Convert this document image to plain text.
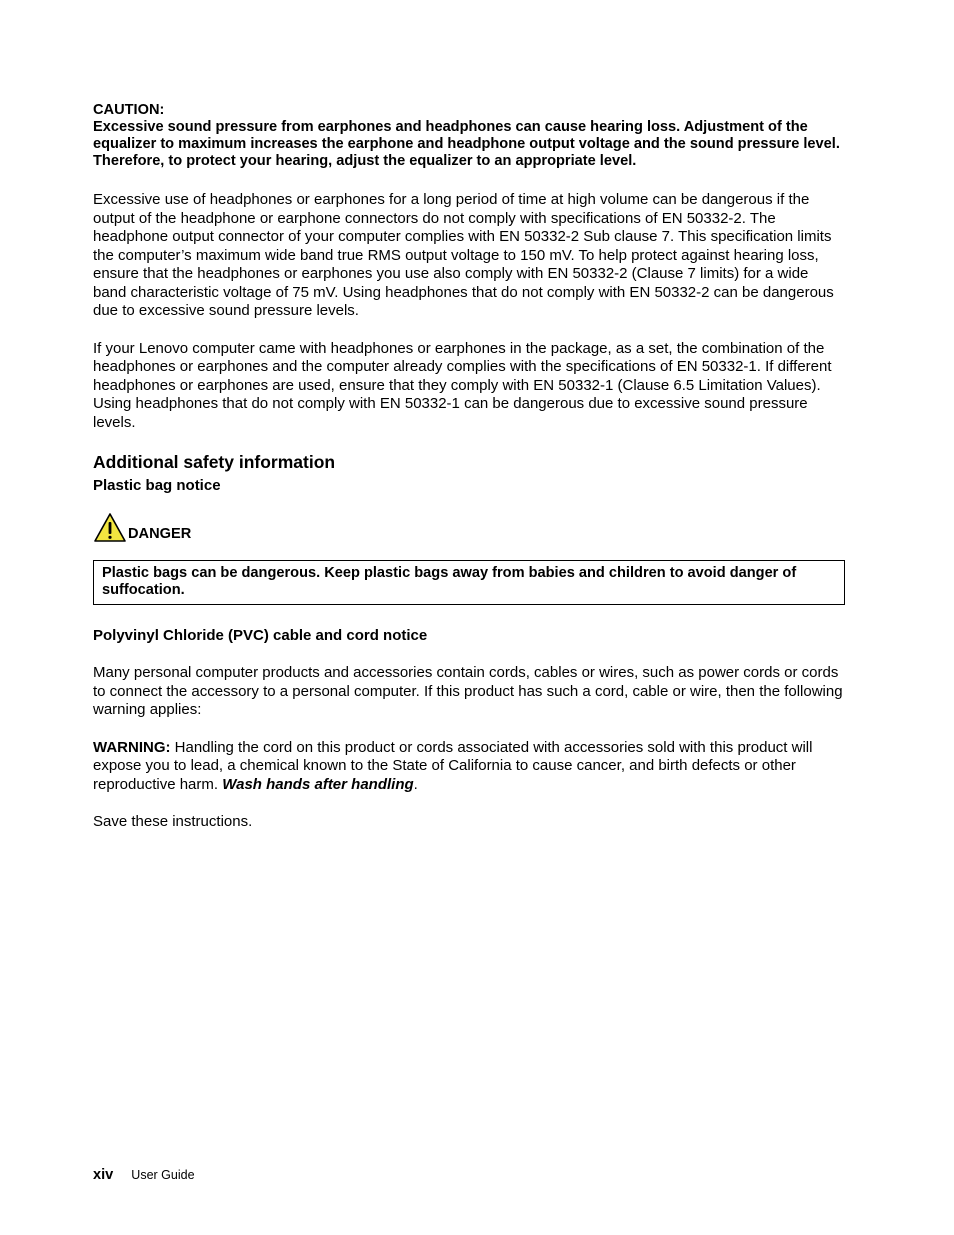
CAUTION:

Excessive sound pressure from earphones and headphones can cause hearing loss. Adjustment of the equalizer to maximum increases the earphone and headphone output voltage and the sound pressure level. Therefore, to protect your hearing, adjust the equalizer to an appropriate level.

Excessive use of headphones or earphones for a long period of time at high volume can be dangerous if the output of the headphone or earphone connectors do not comply with specifications of EN 50332-2. The headphone output connector of your computer complies with EN 50332-2 Sub clause 7. This specification limits the computer’s maximum wide band true RMS output voltage to 150 mV. To help protect against hearing loss, ensure that the headphones or earphones you use also comply with EN 50332-2 (Clause 7 limits) for a wide band characteristic voltage of 75 mV. Using headphones that do not comply with EN 50332-2 can be dangerous due to excessive sound pressure levels.

If your Lenovo computer came with headphones or earphones in the package, as a set, the combination of the headphones or earphones and the computer already complies with the specifications of EN 50332-1. If different headphones or earphones are used, ensure that they comply with EN 50332-1 (Clause 6.5 Limitation Values). Using headphones that do not comply with EN 50332-1 can be dangerous due to excessive sound pressure levels.

Additional safety information
Plastic bag notice
DANGER
Plastic bags can be dangerous. Keep plastic bags away from babies and children to avoid danger of suffocation.
Polyvinyl Chloride (PVC) cable and cord notice

Many personal computer products and accessories contain cords, cables or wires, such as power cords or cords to connect the accessory to a personal computer. If this product has such a cord, cable or wire, then the following warning applies:

WARNING: Handling the cord on this product or cords associated with accessories sold with this product will expose you to lead, a chemical known to the State of California to cause cancer, and birth defects or other reproductive harm. Wash hands after handling.

Save these instructions.

xiv User Guide
